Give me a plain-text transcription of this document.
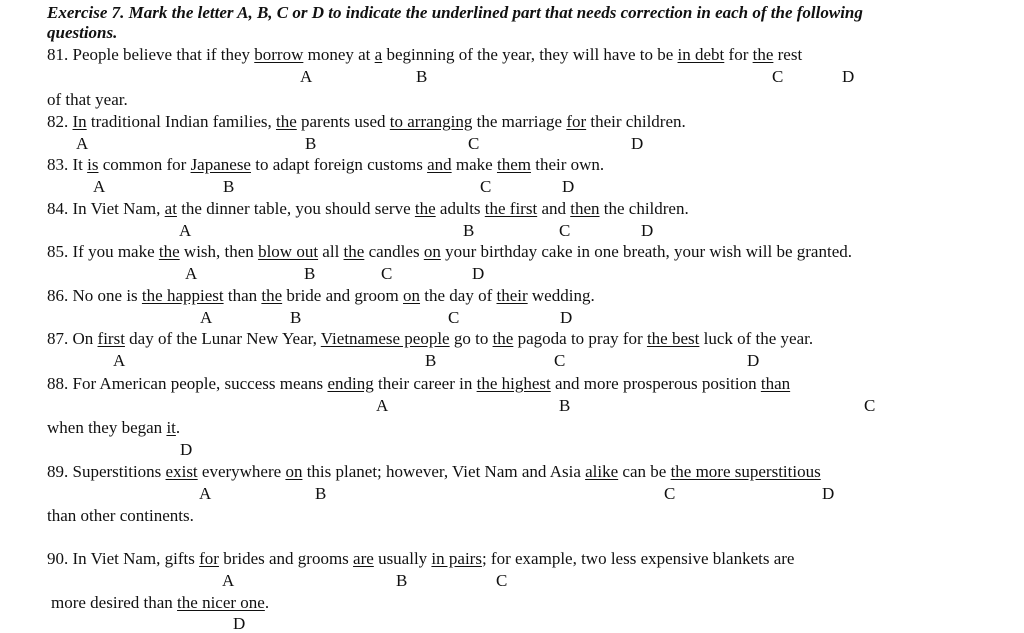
Exercise 7. Mark the letter A, B, C or D to indicate the underlined part that needs correction in each of the following
questions.
81. People believe that if they borrow money at a beginning of the year, they will have to be in debt for the rest
A	B	C	D
of that year.
82. In traditional Indian families, the parents used to arranging the marriage for their children.
A	B	C	D
83. It is common for Japanese to adapt foreign customs and make them their own.
A	B	C	D
84. In Viet Nam, at the dinner table, you should serve the adults the first and then the children.
A	B	C	D
85. If you make the wish, then blow out all the candles on your birthday cake in one breath, your wish will be granted.
A	B	C	D
86. No one is the happiest than the bride and groom on the day of their wedding.
A	B	C	D
87. On first day of the Lunar New Year, Vietnamese people go to the pagoda to pray for the best luck of the year.
A	B	C	D
88. For American people, success means ending their career in the highest and more prosperous position than
A	B	C
when they began it.
D
89. Superstitions exist everywhere on this planet; however, Viet Nam and Asia alike can be the more superstitious
A	B	C	D
than other continents.
90. In Viet Nam, gifts for brides and grooms are usually in pairs; for example, two less expensive blankets are
A	B	C
more desired than the nicer one.
D
